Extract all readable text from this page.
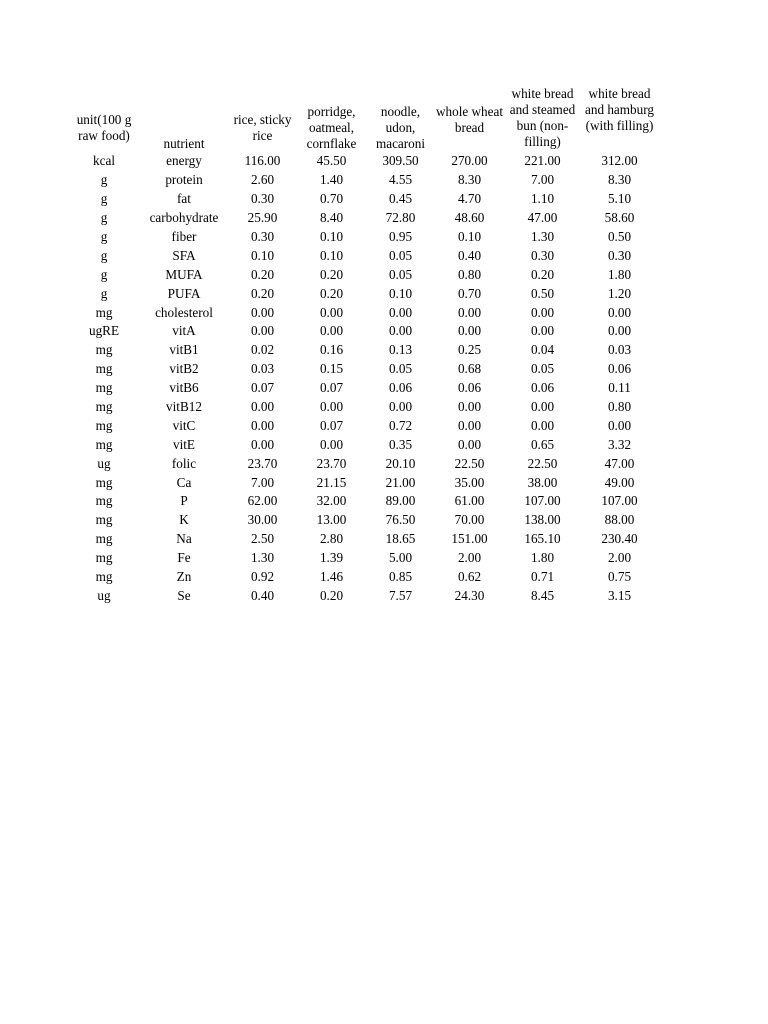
unit(100 g raw food)	nutrient	rice, sticky rice	porridge, oatmeal, cornflake	noodle, udon, macaroni	whole wheat bread	white bread and steamed bun (non-filling)	white bread and hamburg (with filling)
kcal	energy	116.00	45.50	309.50	270.00	221.00	312.00
g	protein	2.60	1.40	4.55	8.30	7.00	8.30
g	fat	0.30	0.70	0.45	4.70	1.10	5.10
g	carbohydrate	25.90	8.40	72.80	48.60	47.00	58.60
g	fiber	0.30	0.10	0.95	0.10	1.30	0.50
g	SFA	0.10	0.10	0.05	0.40	0.30	0.30
g	MUFA	0.20	0.20	0.05	0.80	0.20	1.80
g	PUFA	0.20	0.20	0.10	0.70	0.50	1.20
mg	cholesterol	0.00	0.00	0.00	0.00	0.00	0.00
ugRE	vitA	0.00	0.00	0.00	0.00	0.00	0.00
mg	vitB1	0.02	0.16	0.13	0.25	0.04	0.03
mg	vitB2	0.03	0.15	0.05	0.68	0.05	0.06
mg	vitB6	0.07	0.07	0.06	0.06	0.06	0.11
mg	vitB12	0.00	0.00	0.00	0.00	0.00	0.80
mg	vitC	0.00	0.07	0.72	0.00	0.00	0.00
mg	vitE	0.00	0.00	0.35	0.00	0.65	3.32
ug	folic	23.70	23.70	20.10	22.50	22.50	47.00
mg	Ca	7.00	21.15	21.00	35.00	38.00	49.00
mg	P	62.00	32.00	89.00	61.00	107.00	107.00
mg	K	30.00	13.00	76.50	70.00	138.00	88.00
mg	Na	2.50	2.80	18.65	151.00	165.10	230.40
mg	Fe	1.30	1.39	5.00	2.00	1.80	2.00
mg	Zn	0.92	1.46	0.85	0.62	0.71	0.75
ug	Se	0.40	0.20	7.57	24.30	8.45	3.15
